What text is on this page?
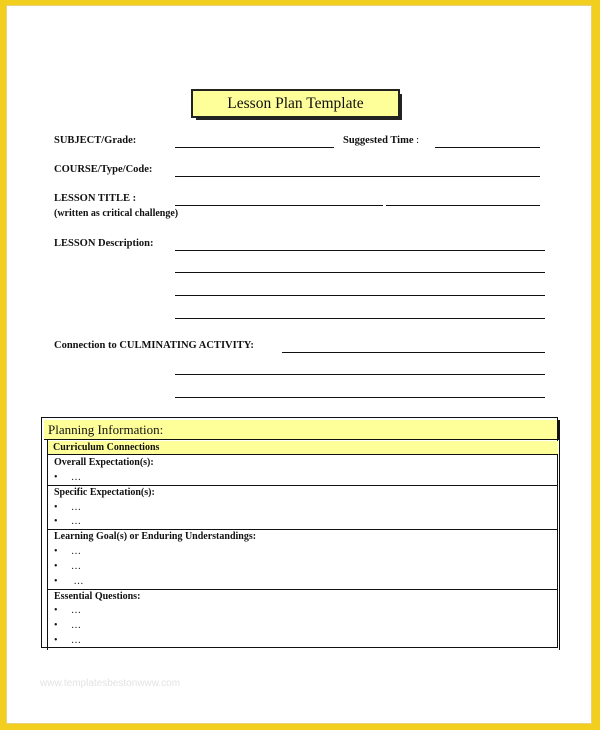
Lesson Plan Template
SUBJECT/Grade:	Suggested Time :
COURSE/Type/Code:
LESSON TITLE :
(written as critical challenge)
LESSON Description:
Connection to CULMINATING ACTIVITY:
Planning Information:
Curriculum Connections
Overall Expectation(s):
• …
Specific Expectation(s):
• …
• …
Learning Goal(s) or Enduring Understandings:
• …
• …
• …
Essential Questions:
• …
• …
• …
www.templatesbestonwww.com
